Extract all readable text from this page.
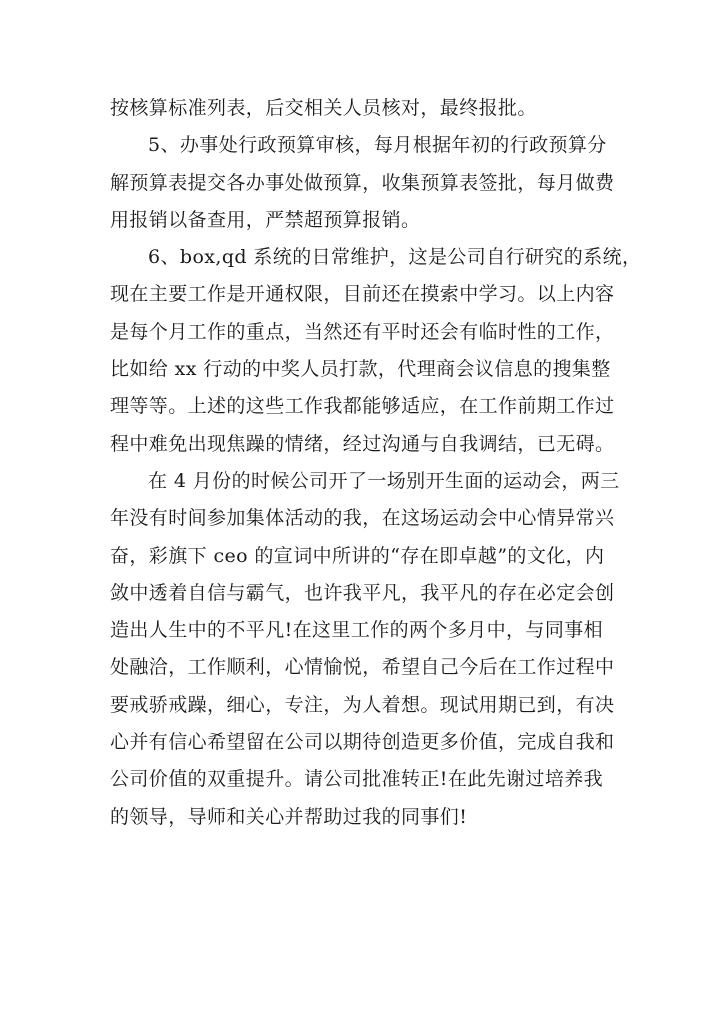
按核算标准列表，后交相关人员核对，最终报批。
5、办事处行政预算审核，每月根据年初的行政预算分
解预算表提交各办事处做预算，收集预算表签批，每月做费
用报销以备查用，严禁超预算报销。
6、box,qd 系统的日常维护，这是公司自行研究的系统，
现在主要工作是开通权限，目前还在摸索中学习。以上内容
是每个月工作的重点，当然还有平时还会有临时性的工作，
比如给 xx 行动的中奖人员打款，代理商会议信息的搜集整
理等等。上述的这些工作我都能够适应，在工作前期工作过
程中难免出现焦躁的情绪，经过沟通与自我调结，已无碍。
在 4 月份的时候公司开了一场别开生面的运动会，两三
年没有时间参加集体活动的我，在这场运动会中心情异常兴
奋，彩旗下 ceo 的宣词中所讲的“存在即卓越”的文化，内
敛中透着自信与霸气，也许我平凡，我平凡的存在必定会创
造出人生中的不平凡!在这里工作的两个多月中，与同事相
处融洽，工作顺利，心情愉悦，希望自己今后在工作过程中
要戒骄戒躁，细心，专注，为人着想。现试用期已到，有决
心并有信心希望留在公司以期待创造更多价值，完成自我和
公司价值的双重提升。请公司批准转正!在此先谢过培养我
的领导，导师和关心并帮助过我的同事们!
